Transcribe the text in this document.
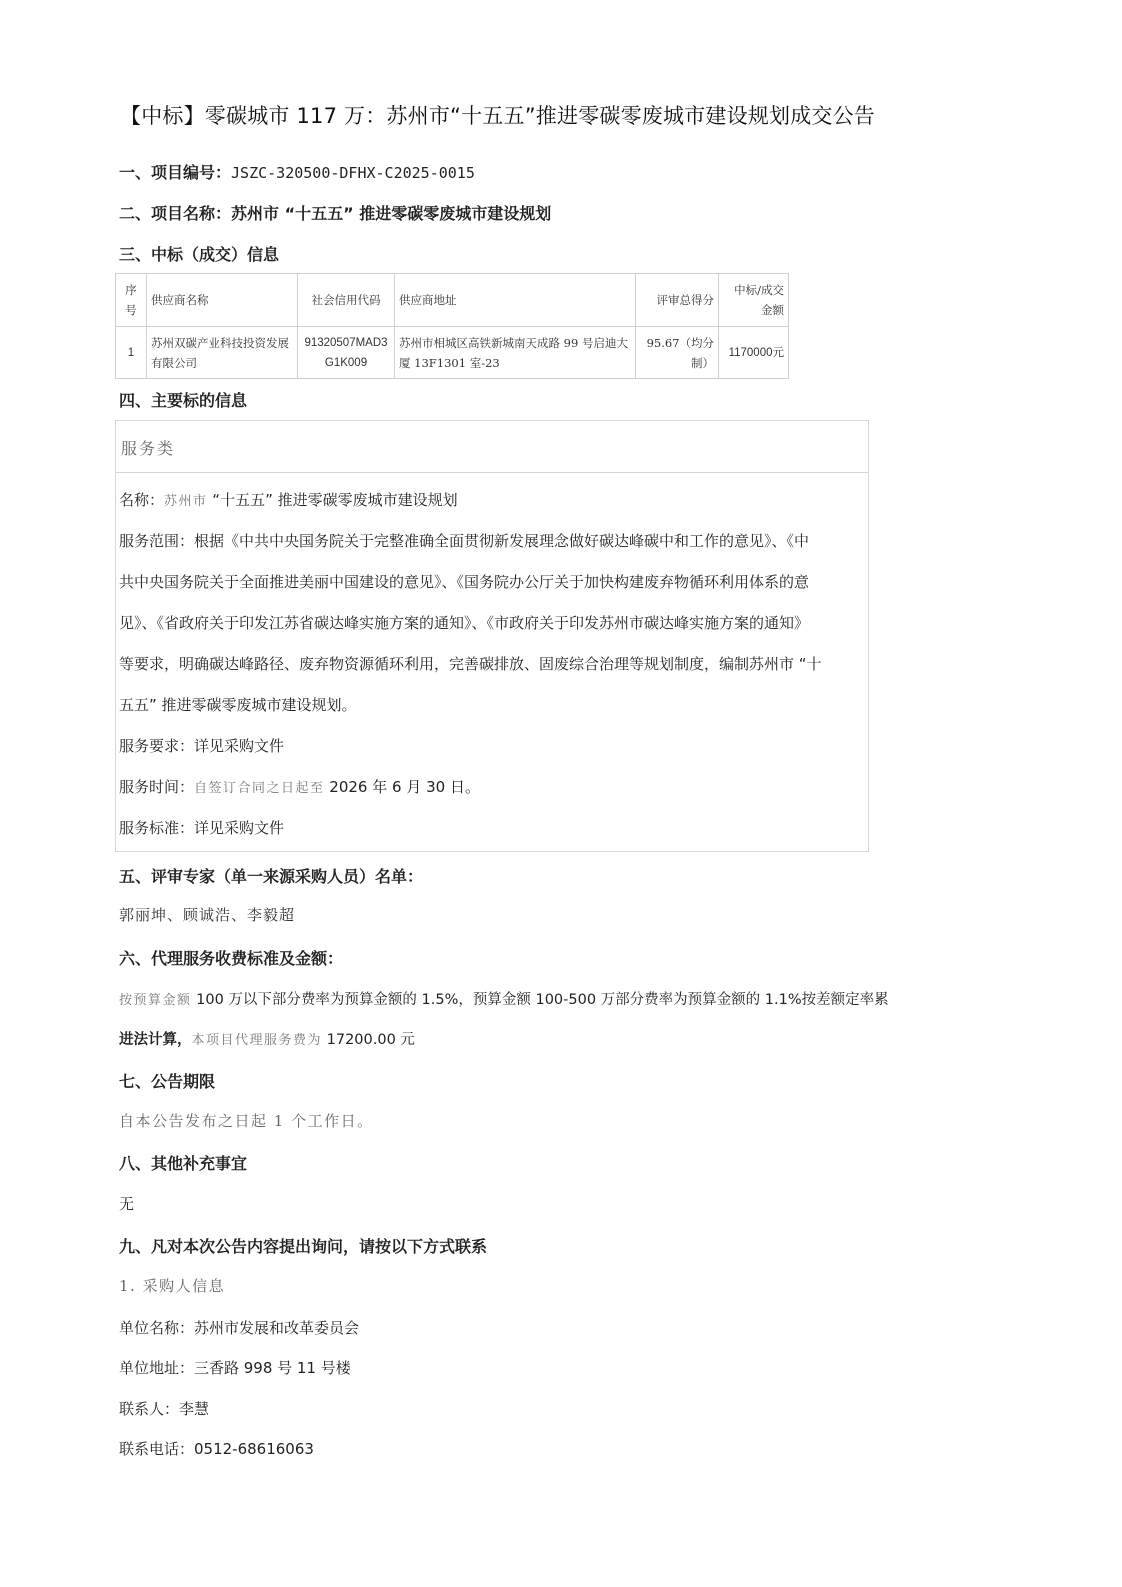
【中标】零碳城市 117 万：苏州市“十五五”推进零碳零废城市建设规划成交公告
一、项目编号：JSZC-320500-DFHX-C2025-0015
二、项目名称：苏州市 “十五五” 推进零碳零废城市建设规划
三、中标（成交）信息
序号	供应商名称	社会信用代码	供应商地址	评审总得分	中标/成交金额
1	苏州双碳产业科技投资发展有限公司	91320507MAD3G1K009	苏州市相城区高铁新城南天成路 99 号启迪大厦 13F1301 室-23	95.67（均分制）	1170000元
四、主要标的信息
服务类
名称：苏州市 “十五五” 推进零碳零废城市建设规划
服务范围：根据《中共中央国务院关于完整准确全面贯彻新发展理念做好碳达峰碳中和工作的意见》、《中
共中央国务院关于全面推进美丽中国建设的意见》、《国务院办公厅关于加快构建废弃物循环利用体系的意
见》、《省政府关于印发江苏省碳达峰实施方案的通知》、《市政府关于印发苏州市碳达峰实施方案的通知》
等要求，明确碳达峰路径、废弃物资源循环利用，完善碳排放、固废综合治理等规划制度，编制苏州市 “十
五五” 推进零碳零废城市建设规划。
服务要求：详见采购文件
服务时间：自签订合同之日起至 2026 年 6 月 30 日。
服务标准：详见采购文件
五、评审专家（单一来源采购人员）名单：
郭丽坤、顾诚浩、李毅超
六、代理服务收费标准及金额：
按预算金额 100 万以下部分费率为预算金额的 1.5%，预算金额 100-500 万部分费率为预算金额的 1.1%按差额定率累
进法计算，本项目代理服务费为 17200.00 元
七、公告期限
自本公告发布之日起 1 个工作日。
八、其他补充事宜
无
九、凡对本次公告内容提出询问，请按以下方式联系
1. 采购人信息
单位名称：苏州市发展和改革委员会
单位地址：三香路 998 号 11 号楼
联系人：李慧
联系电话：0512-68616063
